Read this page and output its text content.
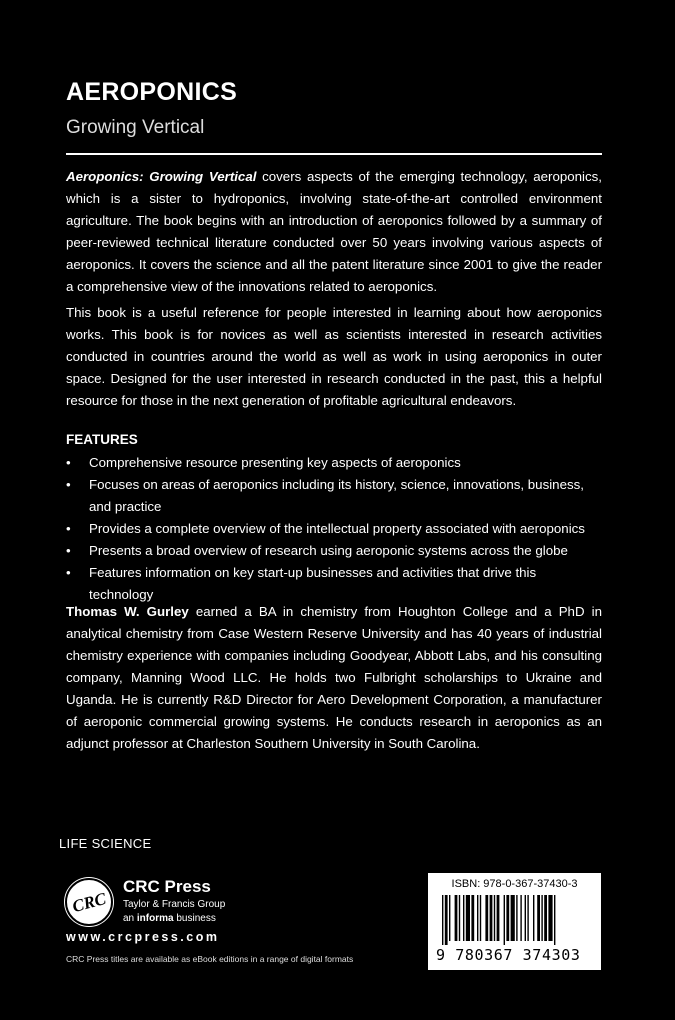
AEROPONICS
Growing Vertical
Aeroponics: Growing Vertical covers aspects of the emerging technology, aeroponics, which is a sister to hydroponics, involving state-of-the-art controlled environment agriculture. The book begins with an introduction of aeroponics followed by a summary of peer-reviewed technical literature conducted over 50 years involving various aspects of aeroponics. It covers the science and all the patent literature since 2001 to give the reader a comprehensive view of the innovations related to aeroponics.
This book is a useful reference for people interested in learning about how aeroponics works. This book is for novices as well as scientists interested in research activities conducted in countries around the world as well as work in using aeroponics in outer space. Designed for the user interested in research conducted in the past, this a helpful resource for those in the next generation of profitable agricultural endeavors.
FEATURES
• Comprehensive resource presenting key aspects of aeroponics
• Focuses on areas of aeroponics including its history, science, innovations, business, and practice
• Provides a complete overview of the intellectual property associated with aeroponics
• Presents a broad overview of research using aeroponic systems across the globe
• Features information on key start-up businesses and activities that drive this technology
Thomas W. Gurley earned a BA in chemistry from Houghton College and a PhD in analytical chemistry from Case Western Reserve University and has 40 years of industrial chemistry experience with companies including Goodyear, Abbott Labs, and his consulting company, Manning Wood LLC. He holds two Fulbright scholarships to Ukraine and Uganda. He is currently R&D Director for Aero Development Corporation, a manufacturer of aeroponic commercial growing systems. He conducts research in aeroponics as an adjunct professor at Charleston Southern University in South Carolina.
LIFE SCIENCE
CRC
CRC Press
Taylor & Francis Group
an informa business
www.crcpress.com
CRC Press titles are available as eBook editions in a range of digital formats
ISBN: 978-0-367-37430-3
9 780367 374303
